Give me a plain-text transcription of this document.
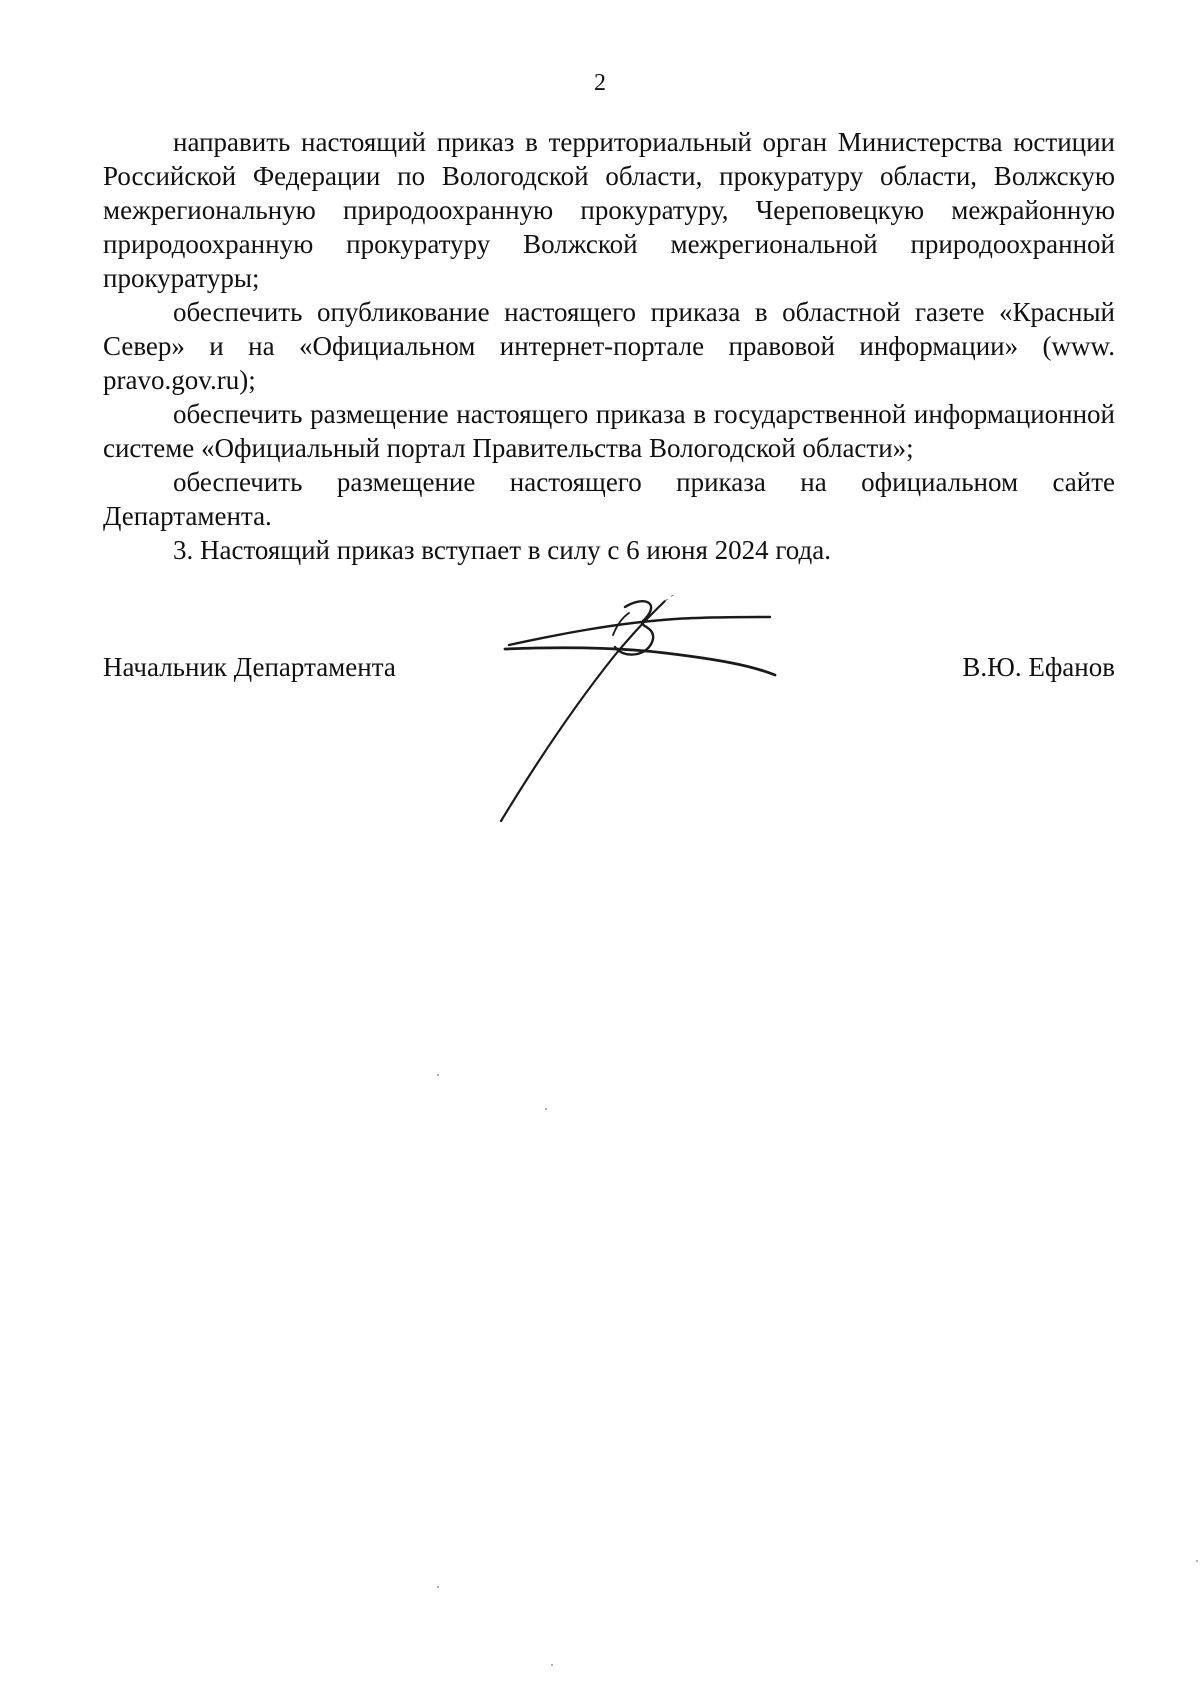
2

направить настоящий приказ в территориальный орган Министерства юстиции Российской Федерации по Вологодской области, прокуратуру области, Волжскую межрегиональную природоохранную прокуратуру, Череповецкую межрайонную природоохранную прокуратуру Волжской межрегиональной природоохранной прокуратуры;

обеспечить опубликование настоящего приказа в областной газете «Красный Север» и на «Официальном интернет-портале правовой информации» (www. pravo.gov.ru);

обеспечить размещение настоящего приказа в государственной информационной системе «Официальный портал Правительства Вологодской области»;

обеспечить размещение настоящего приказа на официальном сайте Департамента.

3. Настоящий приказ вступает в силу с 6 июня 2024 года.

Начальник Департамента	В.Ю. Ефанов
